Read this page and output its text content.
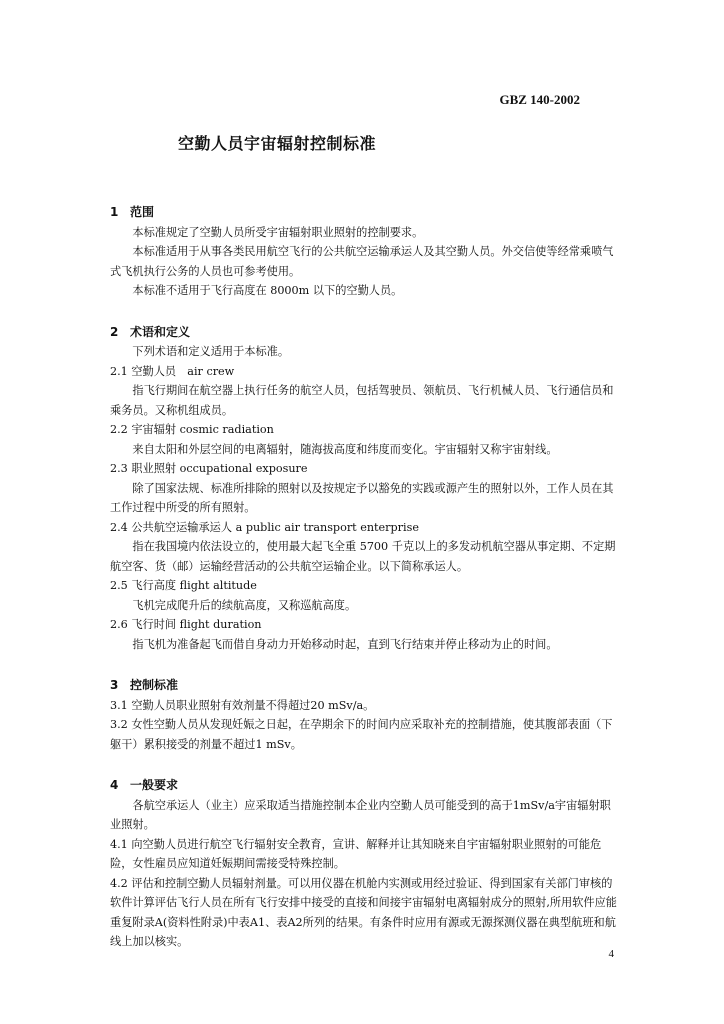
GBZ 140-2002

空勤人员宇宙辐射控制标准

1 范围

本标准规定了空勤人员所受宇宙辐射职业照射的控制要求。

本标准适用于从事各类民用航空飞行的公共航空运输承运人及其空勤人员。外交信使等经常乘喷气式飞机执行公务的人员也可参考使用。

本标准不适用于飞行高度在 8000m 以下的空勤人员。

2 术语和定义

下列术语和定义适用于本标准。

2.1 空勤人员　air crew

指飞行期间在航空器上执行任务的航空人员，包括驾驶员、领航员、飞行机械人员、飞行通信员和乘务员。又称机组成员。

2.2 宇宙辐射 cosmic radiation

来自太阳和外层空间的电离辐射，随海拔高度和纬度而变化。宇宙辐射又称宇宙射线。

2.3 职业照射 occupational exposure

除了国家法规、标准所排除的照射以及按规定予以豁免的实践或源产生的照射以外，工作人员在其工作过程中所受的所有照射。

2.4 公共航空运输承运人 a public air transport enterprise

指在我国境内依法设立的，使用最大起飞全重 5700 千克以上的多发动机航空器从事定期、不定期航空客、货（邮）运输经营活动的公共航空运输企业。以下简称承运人。

2.5 飞行高度 flight altitude

飞机完成爬升后的续航高度，又称巡航高度。

2.6 飞行时间 flight duration

指飞机为准备起飞而借自身动力开始移动时起，直到飞行结束并停止移动为止的时间。

3 控制标准

3.1 空勤人员职业照射有效剂量不得超过20 mSv/a。

3.2 女性空勤人员从发现妊娠之日起，在孕期余下的时间内应采取补充的控制措施，使其腹部表面（下躯干）累积接受的剂量不超过1 mSv。

4 一般要求

各航空承运人（业主）应采取适当措施控制本企业内空勤人员可能受到的高于1mSv/a宇宙辐射职业照射。

4.1 向空勤人员进行航空飞行辐射安全教育，宣讲、解释并让其知晓来自宇宙辐射职业照射的可能危险，女性雇员应知道妊娠期间需接受特殊控制。

4.2 评估和控制空勤人员辐射剂量。可以用仪器在机舱内实测或用经过验证、得到国家有关部门审核的软件计算评估飞行人员在所有飞行安排中接受的直接和间接宇宙辐射电离辐射成分的照射,所用软件应能重复附录A(资料性附录)中表A1、表A2所列的结果。有条件时应用有源或无源探测仪器在典型航班和航线上加以核实。

4
